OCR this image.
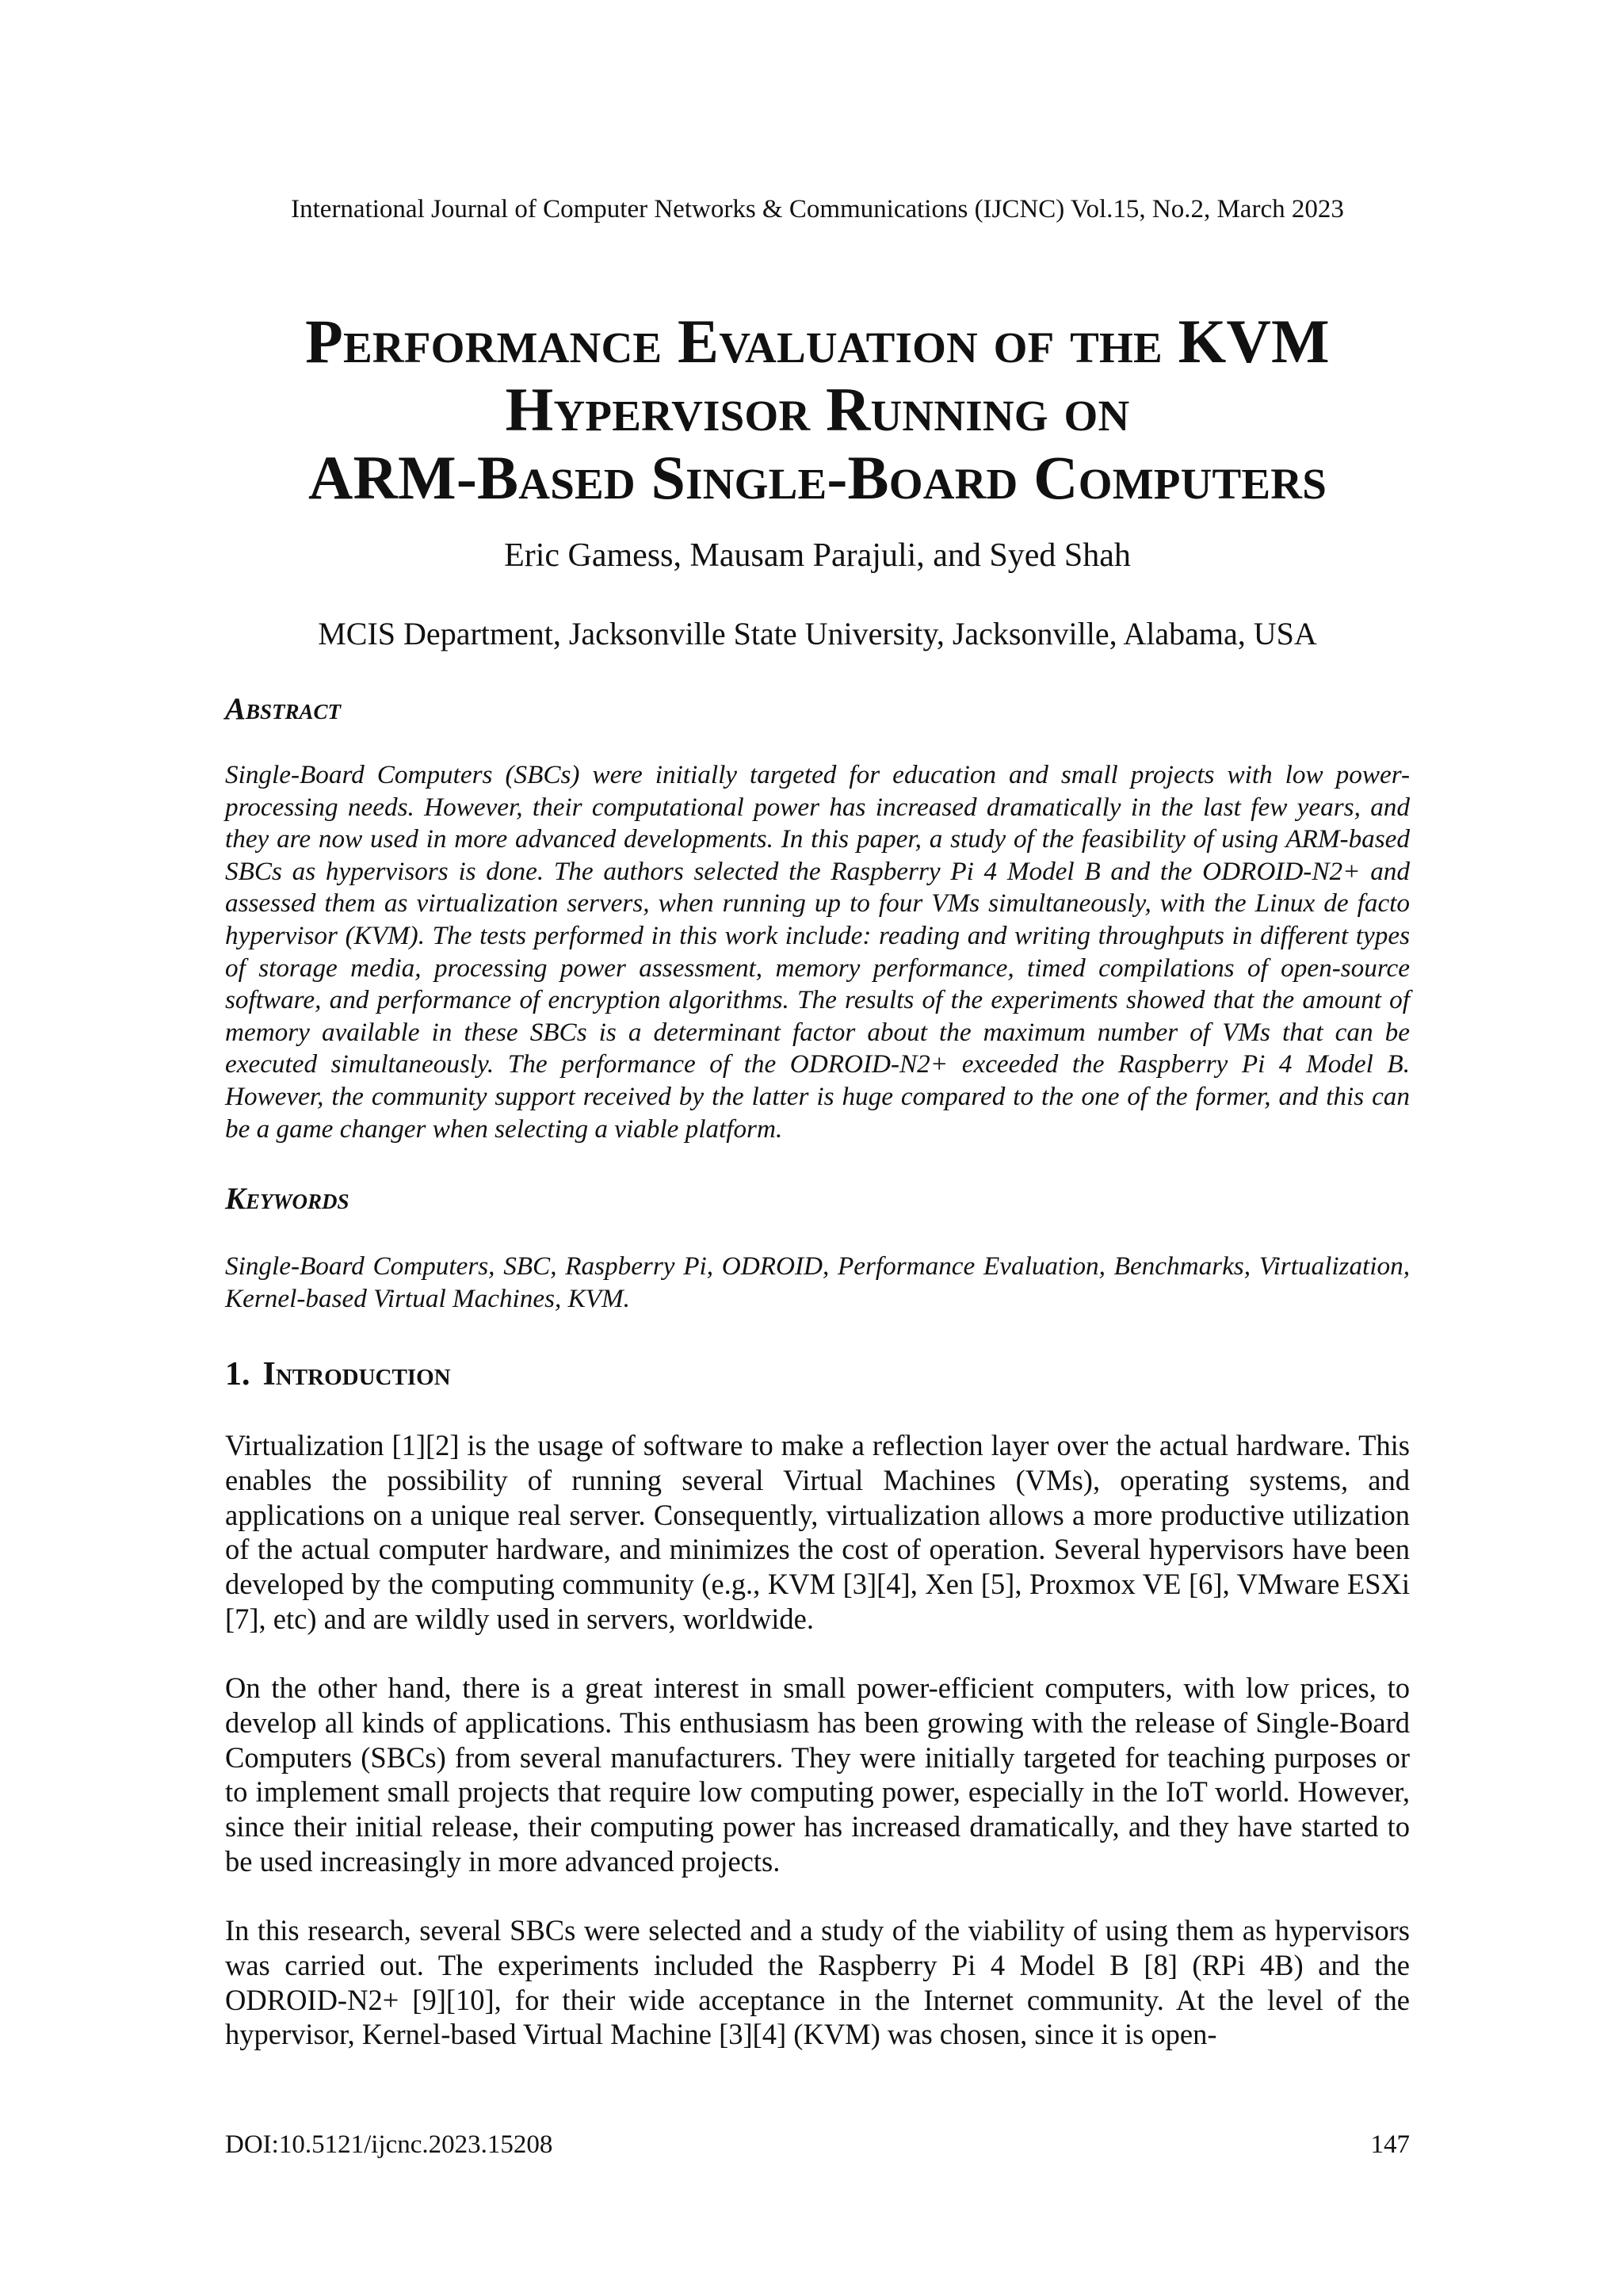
International Journal of Computer Networks & Communications (IJCNC) Vol.15, No.2, March 2023
Performance Evaluation of the KVM
Hypervisor Running on
ARM-Based Single-Board Computers
Eric Gamess, Mausam Parajuli, and Syed Shah
MCIS Department, Jacksonville State University, Jacksonville, Alabama, USA
Abstract

Single-Board Computers (SBCs) were initially targeted for education and small projects with low power-processing needs. However, their computational power has increased dramatically in the last few years, and they are now used in more advanced developments. In this paper, a study of the feasibility of using ARM-based SBCs as hypervisors is done. The authors selected the Raspberry Pi 4 Model B and the ODROID-N2+ and assessed them as virtualization servers, when running up to four VMs simultaneously, with the Linux de facto hypervisor (KVM). The tests performed in this work include: reading and writing throughputs in different types of storage media, processing power assessment, memory performance, timed compilations of open-source software, and performance of encryption algorithms. The results of the experiments showed that the amount of memory available in these SBCs is a determinant factor about the maximum number of VMs that can be executed simultaneously. The performance of the ODROID-N2+ exceeded the Raspberry Pi 4 Model B. However, the community support received by the latter is huge compared to the one of the former, and this can be a game changer when selecting a viable platform.

Keywords

Single-Board Computers, SBC, Raspberry Pi, ODROID, Performance Evaluation, Benchmarks, Virtualization, Kernel-based Virtual Machines, KVM.

1. Introduction

Virtualization [1][2] is the usage of software to make a reflection layer over the actual hardware. This enables the possibility of running several Virtual Machines (VMs), operating systems, and applications on a unique real server. Consequently, virtualization allows a more productive utilization of the actual computer hardware, and minimizes the cost of operation. Several hypervisors have been developed by the computing community (e.g., KVM [3][4], Xen [5], Proxmox VE [6], VMware ESXi [7], etc) and are wildly used in servers, worldwide.

On the other hand, there is a great interest in small power-efficient computers, with low prices, to develop all kinds of applications. This enthusiasm has been growing with the release of Single-Board Computers (SBCs) from several manufacturers. They were initially targeted for teaching purposes or to implement small projects that require low computing power, especially in the IoT world. However, since their initial release, their computing power has increased dramatically, and they have started to be used increasingly in more advanced projects.

In this research, several SBCs were selected and a study of the viability of using them as hypervisors was carried out. The experiments included the Raspberry Pi 4 Model B [8] (RPi 4B) and the ODROID-N2+ [9][10], for their wide acceptance in the Internet community. At the level of the hypervisor, Kernel-based Virtual Machine [3][4] (KVM) was chosen, since it is open-

DOI:10.5121/ijcnc.2023.15208	147
